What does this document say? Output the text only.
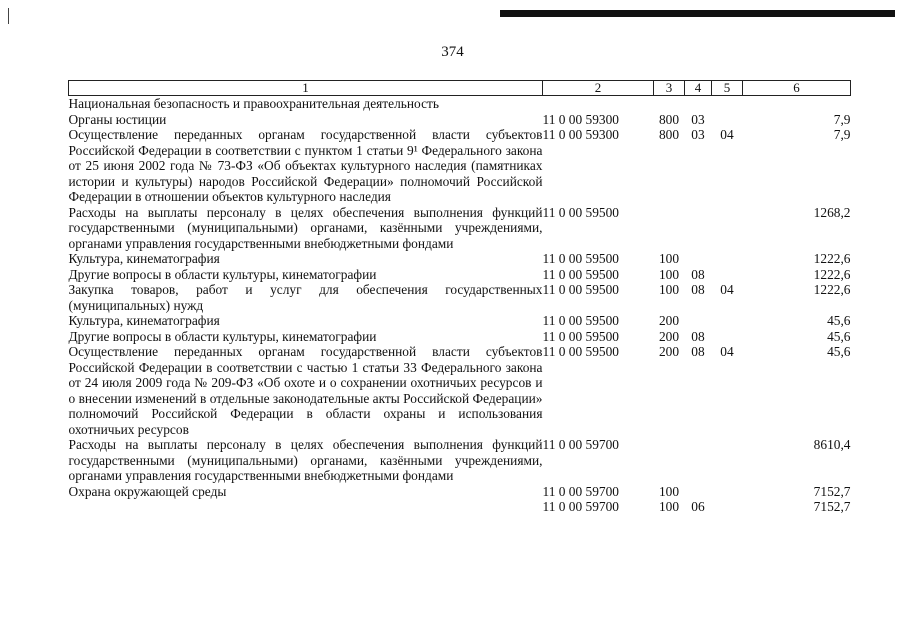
374
1	2	3	4	5	6
Национальная безопасность и правоохранительная деятельность					
Органы юстиции	11 0 00 59300	800	03		7,9
Осуществление переданных органам государственной власти субъектов Российской Федерации в соответствии с пунктом 1 статьи 9¹ Федерального закона от 25 июня 2002 года № 73-ФЗ «Об объектах культурного наследия (памятниках истории и культуры) народов Российской Федерации» полномочий Российской Федерации в отношении объектов культурного наследия	11 0 00 59300	800	03	04	7,9
Расходы на выплаты персоналу в целях обеспечения выполнения функций государственными (муниципальными) органами, казёнными учреждениями, органами управления государственными внебюджетными фондами	11 0 00 59500				1268,2
Культура, кинематография	11 0 00 59500	100			1222,6
Другие вопросы в области культуры, кинематографии	11 0 00 59500	100	08		1222,6
Закупка товаров, работ и услуг для обеспечения государственных (муниципальных) нужд	11 0 00 59500	100	08	04	1222,6
Культура, кинематография	11 0 00 59500	200			45,6
Другие вопросы в области культуры, кинематографии	11 0 00 59500	200	08		45,6
Осуществление переданных органам государственной власти субъектов Российской Федерации в соответствии с частью 1 статьи 33 Федерального закона от 24 июля 2009 года № 209-ФЗ «Об охоте и о сохранении охотничьих ресурсов и о внесении изменений в отдельные законодательные акты Российской Федерации» полномочий Российской Федерации в области охраны и использования охотничьих ресурсов	11 0 00 59500	200	08	04	45,6
Расходы на выплаты персоналу в целях обеспечения выполнения функций государственными (муниципальными) органами, казёнными учреждениями, органами управления государственными внебюджетными фондами	11 0 00 59700				8610,4
Охрана окружающей среды	11 0 00 59700	100			7152,7
	11 0 00 59700	100	06		7152,7
